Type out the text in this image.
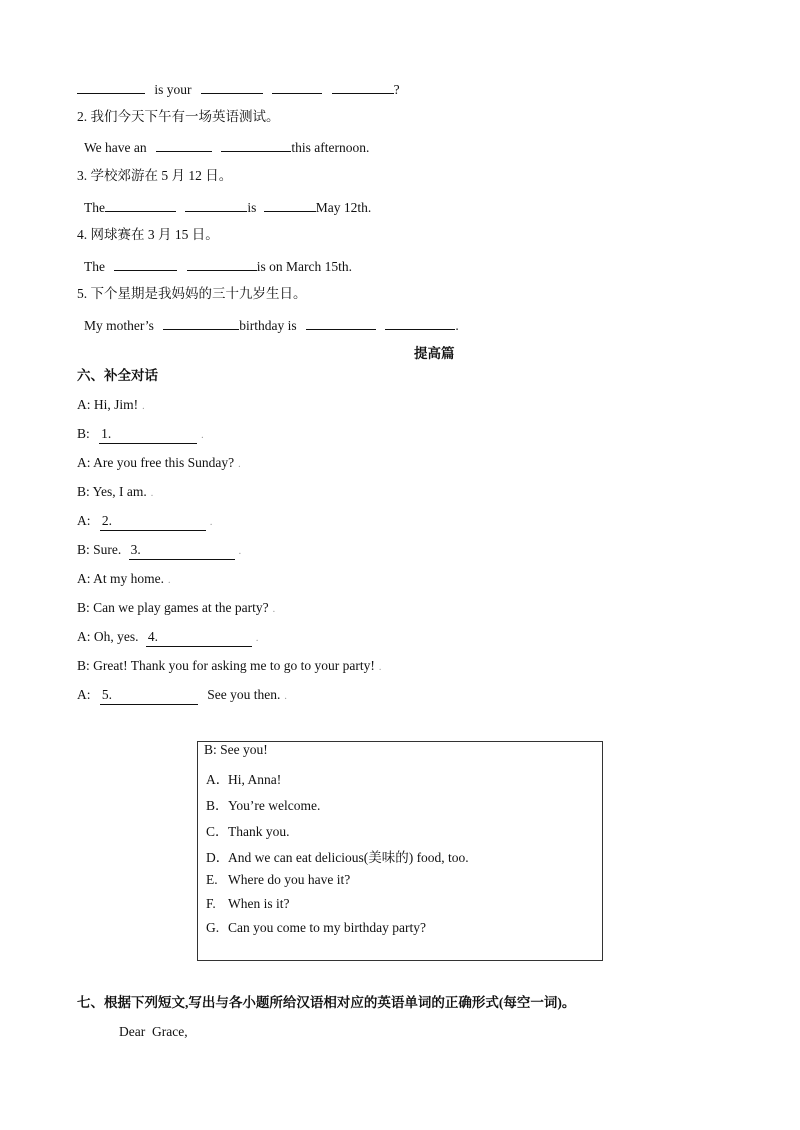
is your	?
2. 我们今天下午有一场英语测试。
We have an	this afternoon.
3. 学校郊游在 5 月 12 日。
The	is	May 12th.
4. 网球赛在 3 月 15 日。
The	is on March 15th.
5. 下个星期是我妈妈的三十九岁生日。
My mother’s	birthday is	.
提高篇
六、补全对话
A: Hi, Jim! .
B: 1.	.
A: Are you free this Sunday? .
B: Yes, I am. .
A: 2.	.
B: Sure. 3.	.
A: At my home. .
B: Can we play games at the party? .
A: Oh, yes. 4.	.
B: Great! Thank you for asking me to go to your party! .
A: 5.	See you then. .
B: See you!
A．Hi, Anna!
B．You’re welcome.
C．Thank you.
D．And we can eat delicious(美味的) food, too.
E. Where do you have it?
F. When is it?
G. Can you come to my birthday party?
七、根据下列短文,写出与各小题所给汉语相对应的英语单词的正确形式(每空一词)。
Dear  Grace,
